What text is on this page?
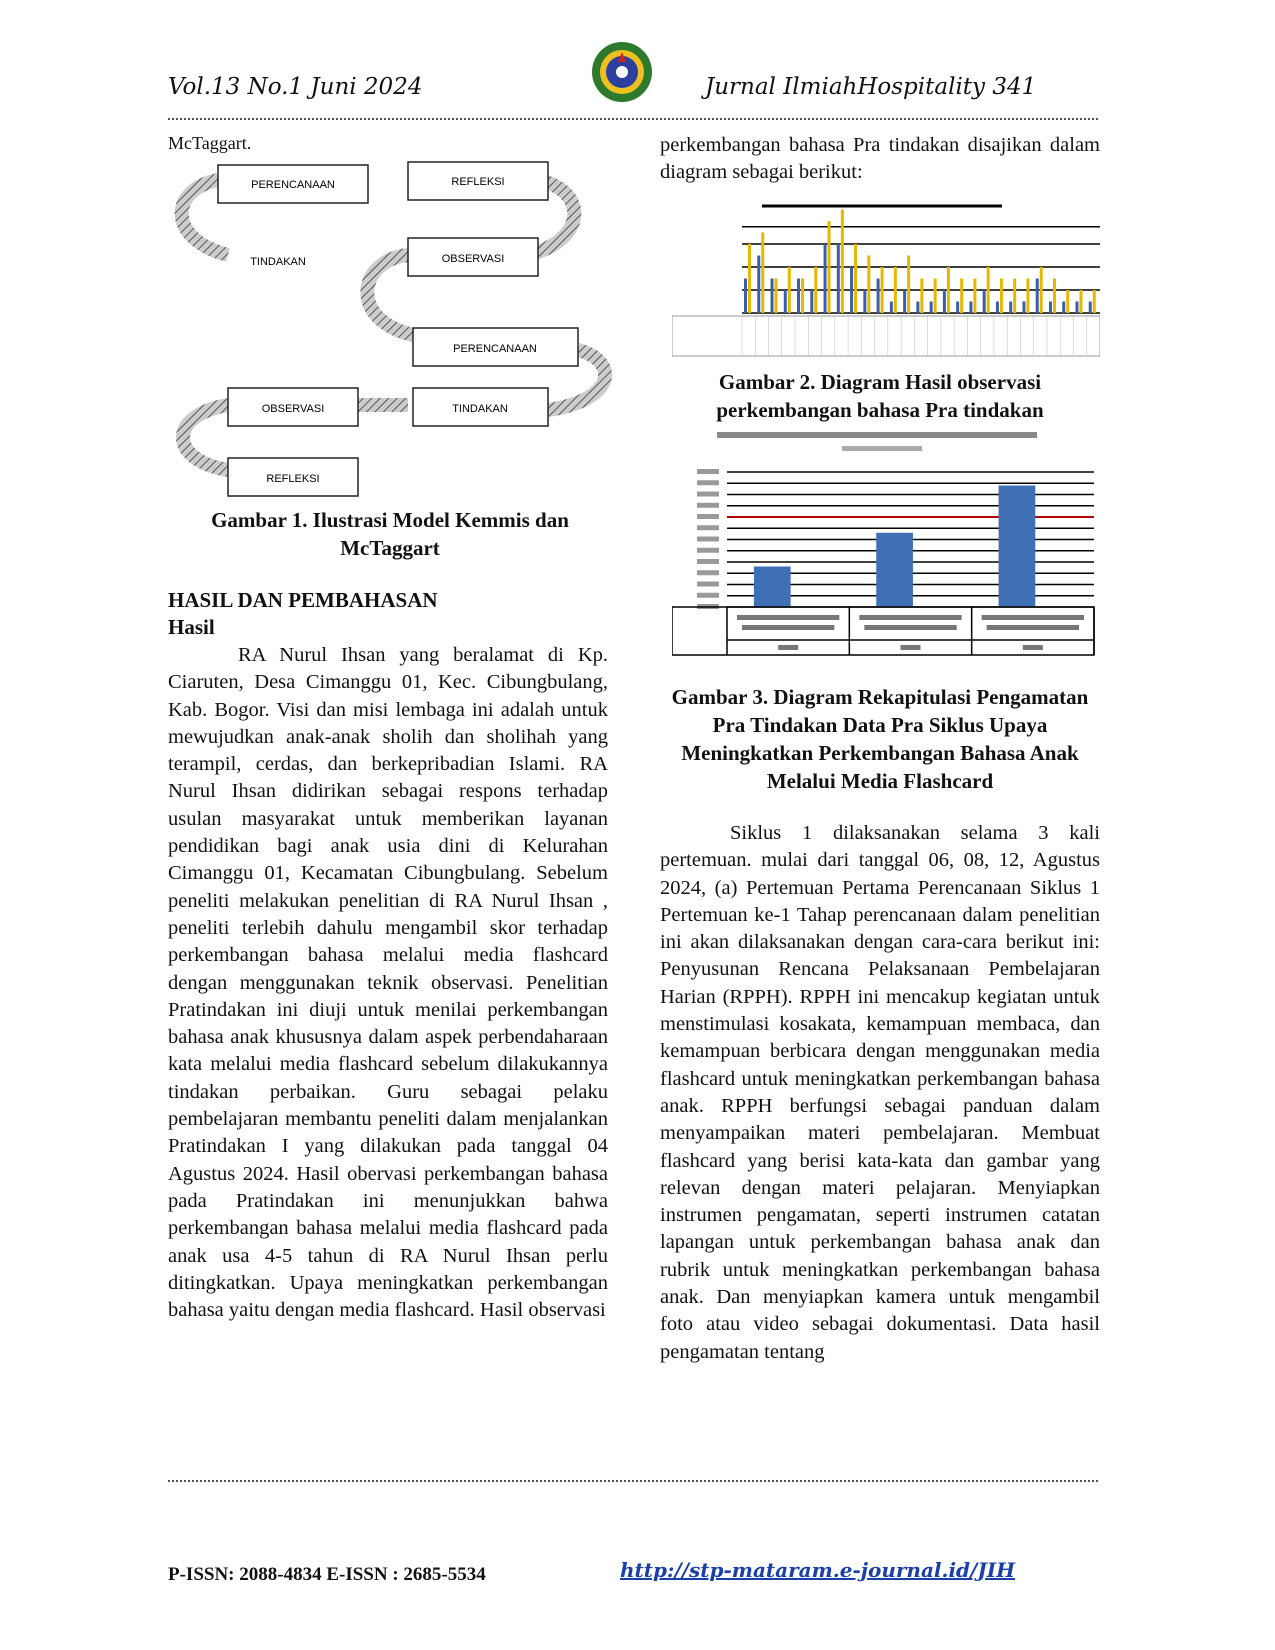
Vol.13 No.1 Juni 2024	Jurnal IlmiahHospitality 341
McTaggart.
PERENCANAAN	REFLEKSI
TINDAKAN	OBSERVASI
PERENCANAAN
TINDAKAN
OBSERVASI
REFLEKSI
Gambar 1. Ilustrasi Model Kemmis dan McTaggart
HASIL DAN PEMBAHASAN
Hasil
RA Nurul Ihsan yang beralamat di Kp. Ciaruten, Desa Cimanggu 01, Kec. Cibungbulang, Kab. Bogor. Visi dan misi lembaga ini adalah untuk mewujudkan anak-anak sholih dan sholihah yang terampil, cerdas, dan berkepribadian Islami. RA Nurul Ihsan didirikan sebagai respons terhadap usulan masyarakat untuk memberikan layanan pendidikan bagi anak usia dini di Kelurahan Cimanggu 01, Kecamatan Cibungbulang. Sebelum peneliti melakukan penelitian di RA Nurul Ihsan , peneliti terlebih dahulu mengambil skor terhadap perkembangan bahasa melalui media flashcard dengan menggunakan teknik observasi. Penelitian Pratindakan ini diuji untuk menilai perkembangan bahasa anak khususnya dalam aspek perbendaharaan kata melalui media flashcard sebelum dilakukannya tindakan perbaikan. Guru sebagai pelaku pembelajaran membantu peneliti dalam menjalankan Pratindakan I yang dilakukan pada tanggal 04 Agustus 2024. Hasil obervasi perkembangan bahasa pada Pratindakan ini menunjukkan bahwa perkembangan bahasa melalui media flashcard pada anak usa 4-5 tahun di RA Nurul Ihsan perlu ditingkatkan. Upaya meningkatkan perkembangan bahasa yaitu dengan media flashcard. Hasil observasi
perkembangan bahasa Pra tindakan disajikan dalam diagram sebagai berikut:
Gambar 2. Diagram Hasil observasi perkembangan bahasa Pra tindakan
Gambar 3. Diagram Rekapitulasi Pengamatan Pra Tindakan Data Pra Siklus Upaya Meningkatkan Perkembangan Bahasa Anak Melalui Media Flashcard
Siklus 1 dilaksanakan selama 3 kali pertemuan. mulai dari tanggal 06, 08, 12, Agustus 2024, (a) Pertemuan Pertama Perencanaan Siklus 1 Pertemuan ke-1 Tahap perencanaan dalam penelitian ini akan dilaksanakan dengan cara-cara berikut ini: Penyusunan Rencana Pelaksanaan Pembelajaran Harian (RPPH). RPPH ini mencakup kegiatan untuk menstimulasi kosakata, kemampuan membaca, dan kemampuan berbicara dengan menggunakan media flashcard untuk meningkatkan perkembangan bahasa anak. RPPH berfungsi sebagai panduan dalam menyampaikan materi pembelajaran. Membuat flashcard yang berisi kata-kata dan gambar yang relevan dengan materi pelajaran. Menyiapkan instrumen pengamatan, seperti instrumen catatan lapangan untuk perkembangan bahasa anak dan rubrik untuk meningkatkan perkembangan bahasa anak. Dan menyiapkan kamera untuk mengambil foto atau video sebagai dokumentasi. Data hasil pengamatan tentang
P-ISSN: 2088-4834 E-ISSN : 2685-5534	http://stp-mataram.e-journal.id/JIH
